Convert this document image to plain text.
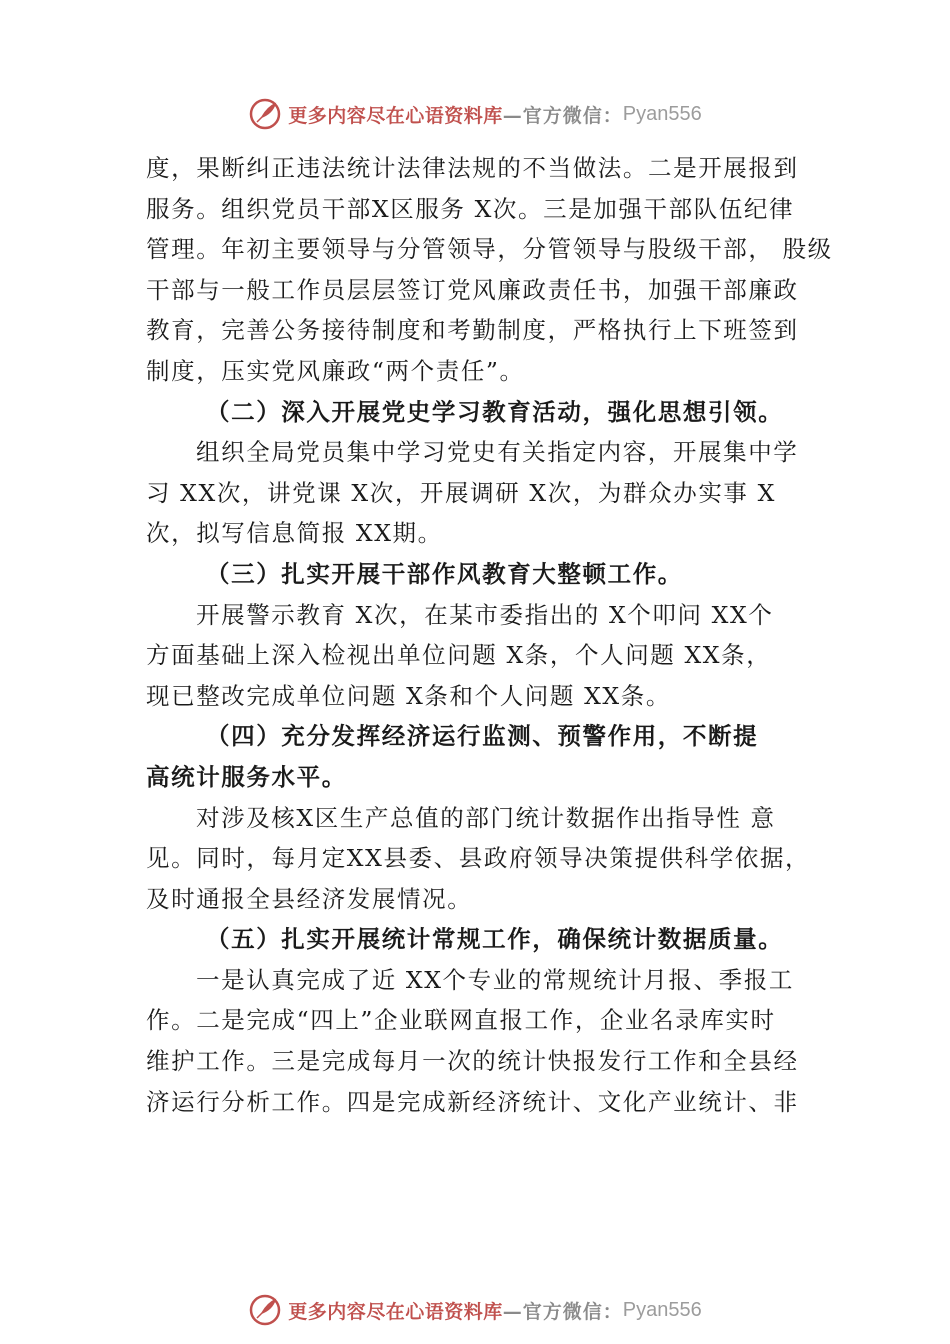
更多内容尽在心语资料库 —官方微信： Pyan556
度，果断纠正违法统计法律法规的不当做法。二是开展报到
服务。组织党员干部X区服务 X次。三是加强干部队伍纪律
管理。年初主要领导与分管领导，分管领导与股级干部， 股级
干部与一般工作员层层签订党风廉政责任书，加强干部廉政
教育，完善公务接待制度和考勤制度，严格执行上下班签到
制度，压实党风廉政“两个责任”。
（二）深入开展党史学习教育活动，强化思想引领。
组织全局党员集中学习党史有关指定内容，开展集中学
习 XX次，讲党课 X次，开展调研 X次，为群众办实事 X
次，拟写信息简报 XX期。
（三）扎实开展干部作风教育大整顿工作。
开展警示教育 X次，在某市委指出的 X个叩问 XX个
方面基础上深入检视出单位问题 X条，个人问题 XX条，
现已整改完成单位问题 X条和个人问题 XX条。
（四）充分发挥经济运行监测、预警作用，不断提
高统计服务水平。
对涉及核X区生产总值的部门统计数据作出指导性 意
见。同时，每月定XX县委、县政府领导决策提供科学依据，
及时通报全县经济发展情况。
（五）扎实开展统计常规工作，确保统计数据质量。
一是认真完成了近 XX个专业的常规统计月报、季报工
作。二是完成“四上”企业联网直报工作，企业名录库实时
维护工作。三是完成每月一次的统计快报发行工作和全县经
济运行分析工作。四是完成新经济统计、文化产业统计、非
更多内容尽在心语资料库 —官方微信： Pyan556
